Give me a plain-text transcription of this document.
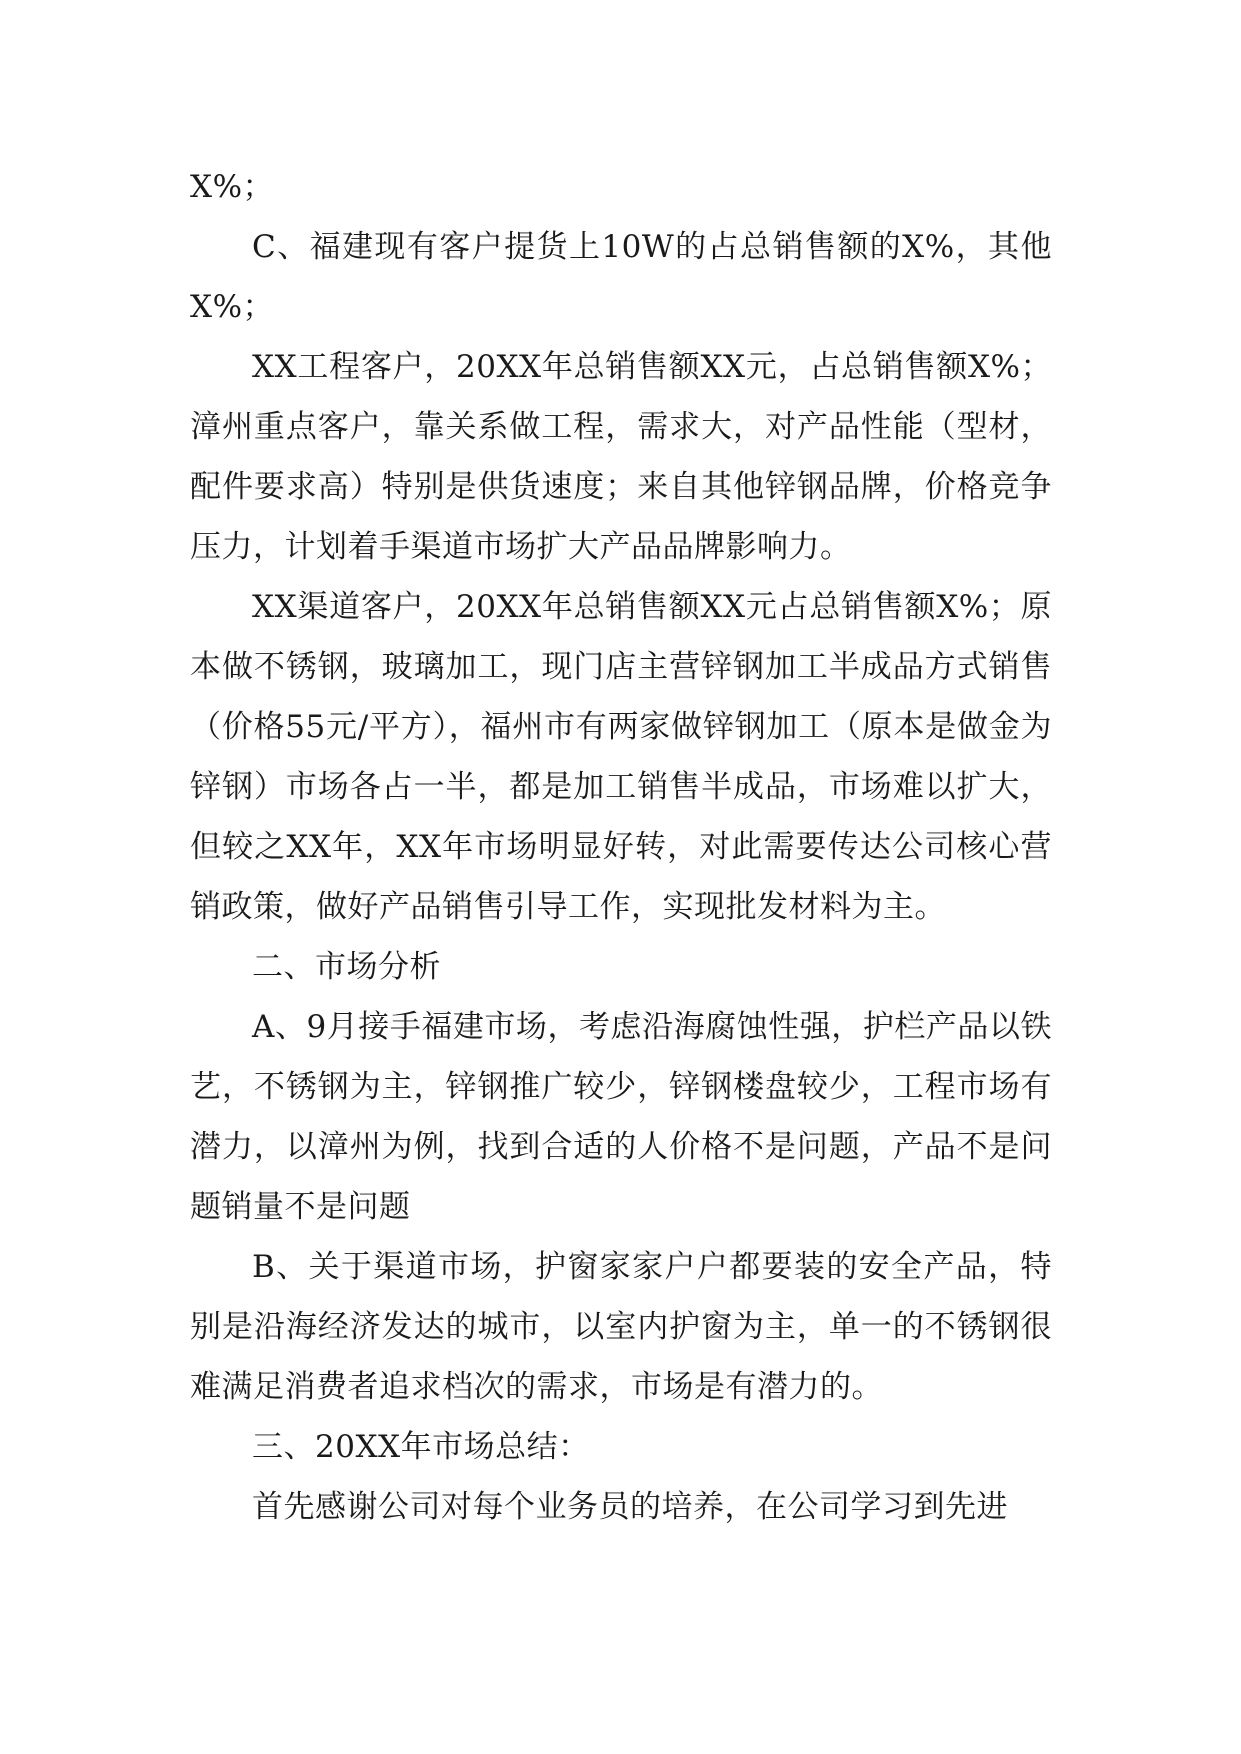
X%；

C、福建现有客户提货上10W的占总销售额的X%，其他X%；

XX工程客户，20XX年总销售额XX元，占总销售额X%；漳州重点客户，靠关系做工程，需求大，对产品性能（型材，配件要求高）特别是供货速度；来自其他锌钢品牌，价格竞争压力，计划着手渠道市场扩大产品品牌影响力。

XX渠道客户，20XX年总销售额XX元占总销售额X%；原本做不锈钢，玻璃加工，现门店主营锌钢加工半成品方式销售（价格55元/平方），福州市有两家做锌钢加工（原本是做金为锌钢）市场各占一半，都是加工销售半成品，市场难以扩大，但较之XX年，XX年市场明显好转，对此需要传达公司核心营销政策，做好产品销售引导工作，实现批发材料为主。

二、市场分析

A、9月接手福建市场，考虑沿海腐蚀性强，护栏产品以铁艺，不锈钢为主，锌钢推广较少，锌钢楼盘较少，工程市场有潜力，以漳州为例，找到合适的人价格不是问题，产品不是问题销量不是问题

B、关于渠道市场，护窗家家户户都要装的安全产品，特别是沿海经济发达的城市，以室内护窗为主，单一的不锈钢很难满足消费者追求档次的需求，市场是有潜力的。

三、20XX年市场总结：

首先感谢公司对每个业务员的培养，在公司学习到先进
